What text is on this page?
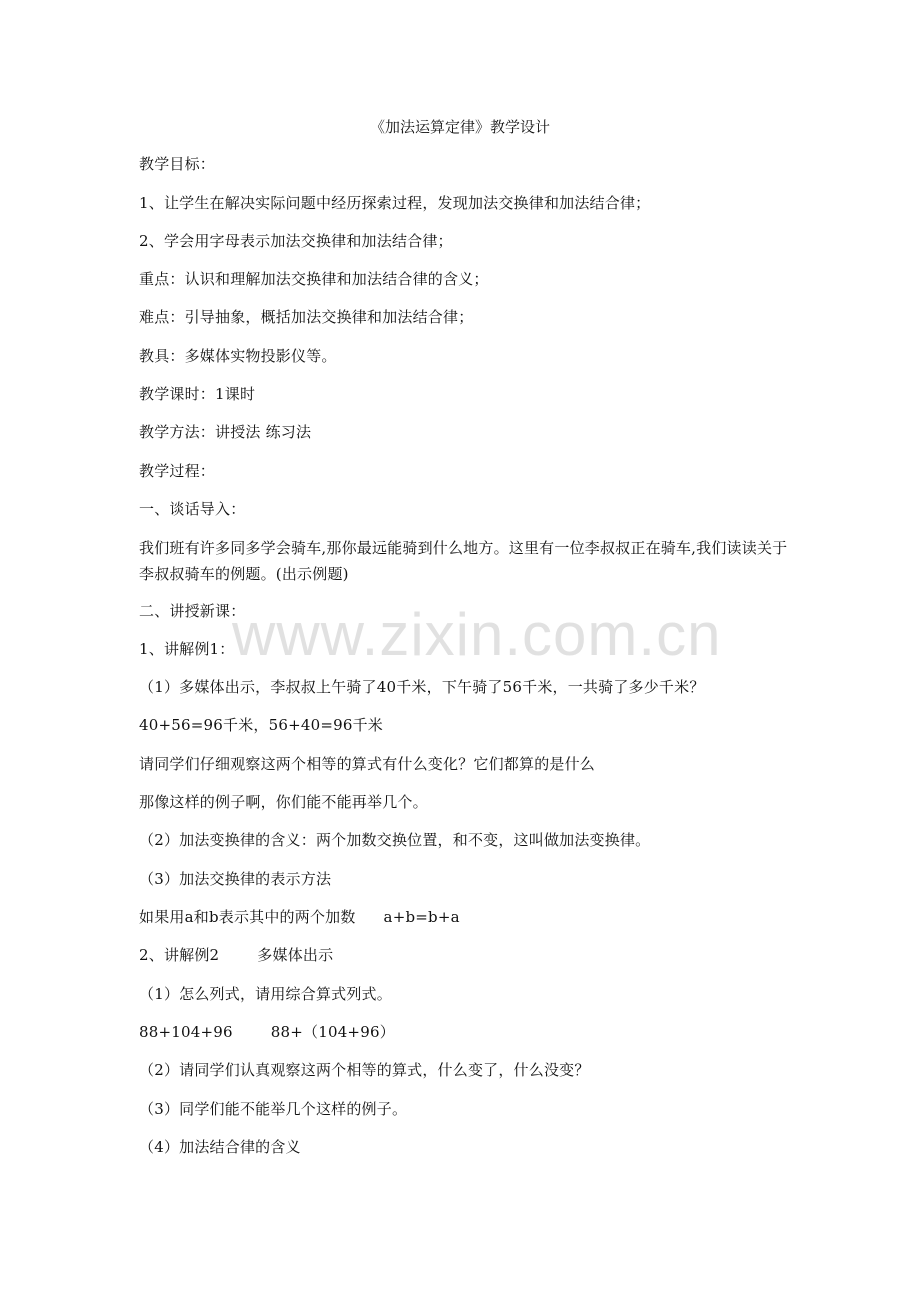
《加法运算定律》教学设计
教学目标：
1、让学生在解决实际问题中经历探索过程，发现加法交换律和加法结合律；
2、学会用字母表示加法交换律和加法结合律；
重点：认识和理解加法交换律和加法结合律的含义；
难点：引导抽象，概括加法交换律和加法结合律；
教具：多媒体实物投影仪等。
教学课时：1课时
教学方法：讲授法 练习法
教学过程：
一、谈话导入：
我们班有许多同多学会骑车,那你最远能骑到什么地方。这里有一位李叔叔正在骑车,我们读读关于李叔叔骑车的例题。(出示例题)
二、讲授新课：
1、讲解例1：
（1）多媒体出示，李叔叔上午骑了40千米，下午骑了56千米，一共骑了多少千米？
40+56=96千米，56+40=96千米
请同学们仔细观察这两个相等的算式有什么变化？它们都算的是什么
那像这样的例子啊，你们能不能再举几个。
（2）加法变换律的含义：两个加数交换位置，和不变，这叫做加法变换律。
（3）加法交换律的表示方法
如果用a和b表示其中的两个加数 a+b=b+a
2、讲解例2	多媒体出示
（1）怎么列式，请用综合算式列式。
88+104+96	88+（104+96）
（2）请同学们认真观察这两个相等的算式，什么变了，什么没变？
（3）同学们能不能举几个这样的例子。
（4）加法结合律的含义
www.zixin.com.cn
